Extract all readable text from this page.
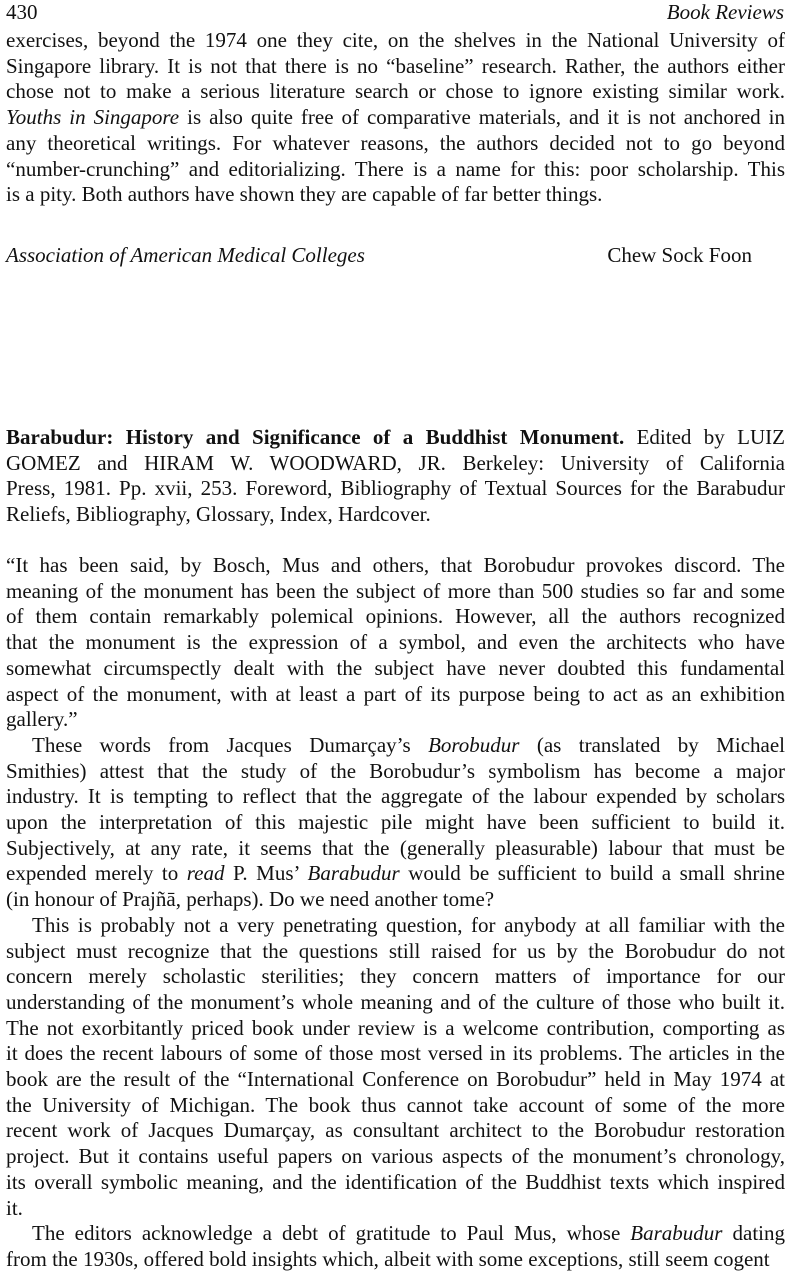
430	Book Reviews
exercises, beyond the 1974 one they cite, on the shelves in the National University of
Singapore library. It is not that there is no “baseline” research. Rather, the authors either
chose not to make a serious literature search or chose to ignore existing similar work.
Youths in Singapore is also quite free of comparative materials, and it is not anchored in
any theoretical writings. For whatever reasons, the authors decided not to go beyond
“number-crunching” and editorializing. There is a name for this: poor scholarship. This
is a pity. Both authors have shown they are capable of far better things.
Association of American Medical Colleges	Chew Sock Foon
Barabudur: History and Significance of a Buddhist Monument. Edited by LUIZ
GOMEZ and HIRAM W. WOODWARD, JR. Berkeley: University of California
Press, 1981. Pp. xvii, 253. Foreword, Bibliography of Textual Sources for the Barabudur
Reliefs, Bibliography, Glossary, Index, Hardcover.
“It has been said, by Bosch, Mus and others, that Borobudur provokes discord. The
meaning of the monument has been the subject of more than 500 studies so far and some
of them contain remarkably polemical opinions. However, all the authors recognized
that the monument is the expression of a symbol, and even the architects who have
somewhat circumspectly dealt with the subject have never doubted this fundamental
aspect of the monument, with at least a part of its purpose being to act as an exhibition
gallery.”
These words from Jacques Dumarçay’s Borobudur (as translated by Michael
Smithies) attest that the study of the Borobudur’s symbolism has become a major
industry. It is tempting to reflect that the aggregate of the labour expended by scholars
upon the interpretation of this majestic pile might have been sufficient to build it.
Subjectively, at any rate, it seems that the (generally pleasurable) labour that must be
expended merely to read P. Mus’ Barabudur would be sufficient to build a small shrine
(in honour of Prajñā, perhaps). Do we need another tome?
This is probably not a very penetrating question, for anybody at all familiar with the
subject must recognize that the questions still raised for us by the Borobudur do not
concern merely scholastic sterilities; they concern matters of importance for our
understanding of the monument’s whole meaning and of the culture of those who built it.
The not exorbitantly priced book under review is a welcome contribution, comporting as
it does the recent labours of some of those most versed in its problems. The articles in the
book are the result of the “International Conference on Borobudur” held in May 1974 at
the University of Michigan. The book thus cannot take account of some of the more
recent work of Jacques Dumarçay, as consultant architect to the Borobudur restoration
project. But it contains useful papers on various aspects of the monument’s chronology,
its overall symbolic meaning, and the identification of the Buddhist texts which inspired
it.
The editors acknowledge a debt of gratitude to Paul Mus, whose Barabudur dating
from the 1930s, offered bold insights which, albeit with some exceptions, still seem cogent
